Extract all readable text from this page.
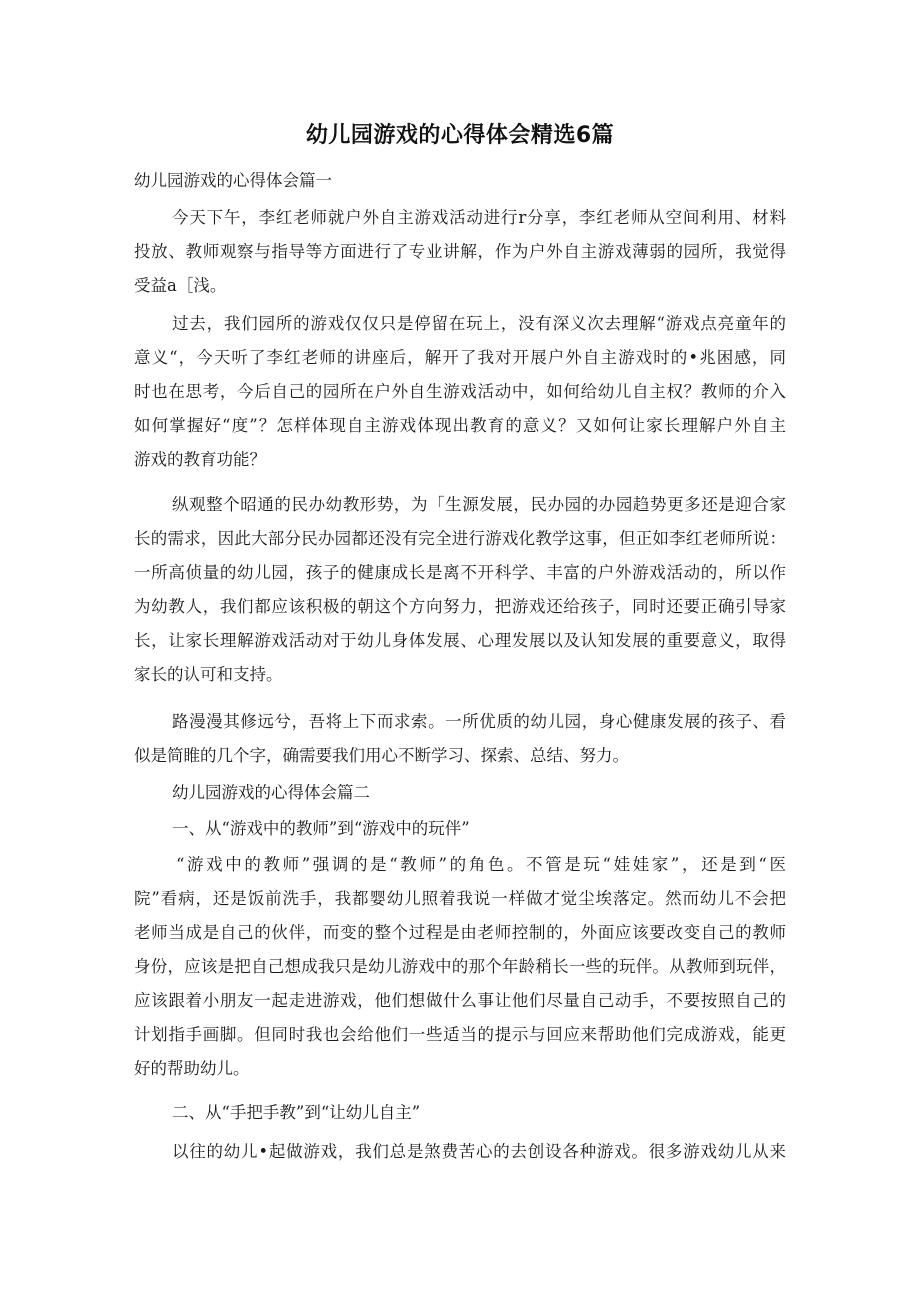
幼儿园游戏的心得体会精选6篇
幼儿园游戏的心得体会篇一
今天下午，李红老师就户外自主游戏活动进行r分享，李红老师从空间利用、材料
投放、教师观察与指导等方面进行了专业讲解，作为户外自主游戏薄弱的园所，我觉得
受益a［浅。
过去，我们园所的游戏仅仅只是停留在玩上，没有深义次去理解“游戏点亮童年的
意义“，今天听了李红老师的讲座后，解开了我对开展户外自主游戏时的•兆困感，同
时也在思考，今后自己的园所在户外自生游戏活动中，如何给幼儿自主权？教师的介入
如何掌握好“度”？怎样体现自主游戏体现出教育的意义？又如何让家长理解户外自主
游戏的教育功能？
纵观整个昭通的民办幼教形势，为「生源发展，民办园的办园趋势更多还是迎合家
长的需求，因此大部分民办园都还没有完全进行游戏化教学这事，但正如李红老师所说：
一所高侦量的幼儿园，孩子的健康成长是离不开科学、丰富的户外游戏活动的，所以作
为幼教人，我们都应该积极的朝这个方向努力，把游戏还给孩子，同时还要正确引导家
长，让家长理解游戏活动对于幼儿身体发展、心理发展以及认知发展的重要意义，取得
家长的认可和支持。
路漫漫其修远兮，吾将上下而求索。一所优质的幼儿园，身心健康发展的孩子、看
似是简睢的几个字，确需要我们用心不断学习、探索、总结、努力。
幼儿园游戏的心得体会篇二
一、从“游戏中的教师”到“游戏中的玩伴”
“游戏中的教师”强调的是“教师”的角色。不管是玩“娃娃家”，还是到“医
院”看病，还是饭前洗手，我都婴幼儿照着我说一样做才觉尘埃落定。然而幼儿不会把
老师当成是自己的伙伴，而变的整个过程是由老师控制的，外面应该要改变自己的教师
身份，应该是把自己想成我只是幼儿游戏中的那个年龄稍长一些的玩伴。从教师到玩伴，
应该跟着小朋友一起走进游戏，他们想做什么事让他们尽量自己动手，不要按照自己的
计划指手画脚。但同时我也会给他们一些适当的提示与回应来帮助他们完成游戏，能更
好的帮助幼儿。
二、从“手把手教”到“让幼儿自主”
以往的幼儿•起做游戏，我们总是煞费苦心的去创设各种游戏。很多游戏幼儿从来
